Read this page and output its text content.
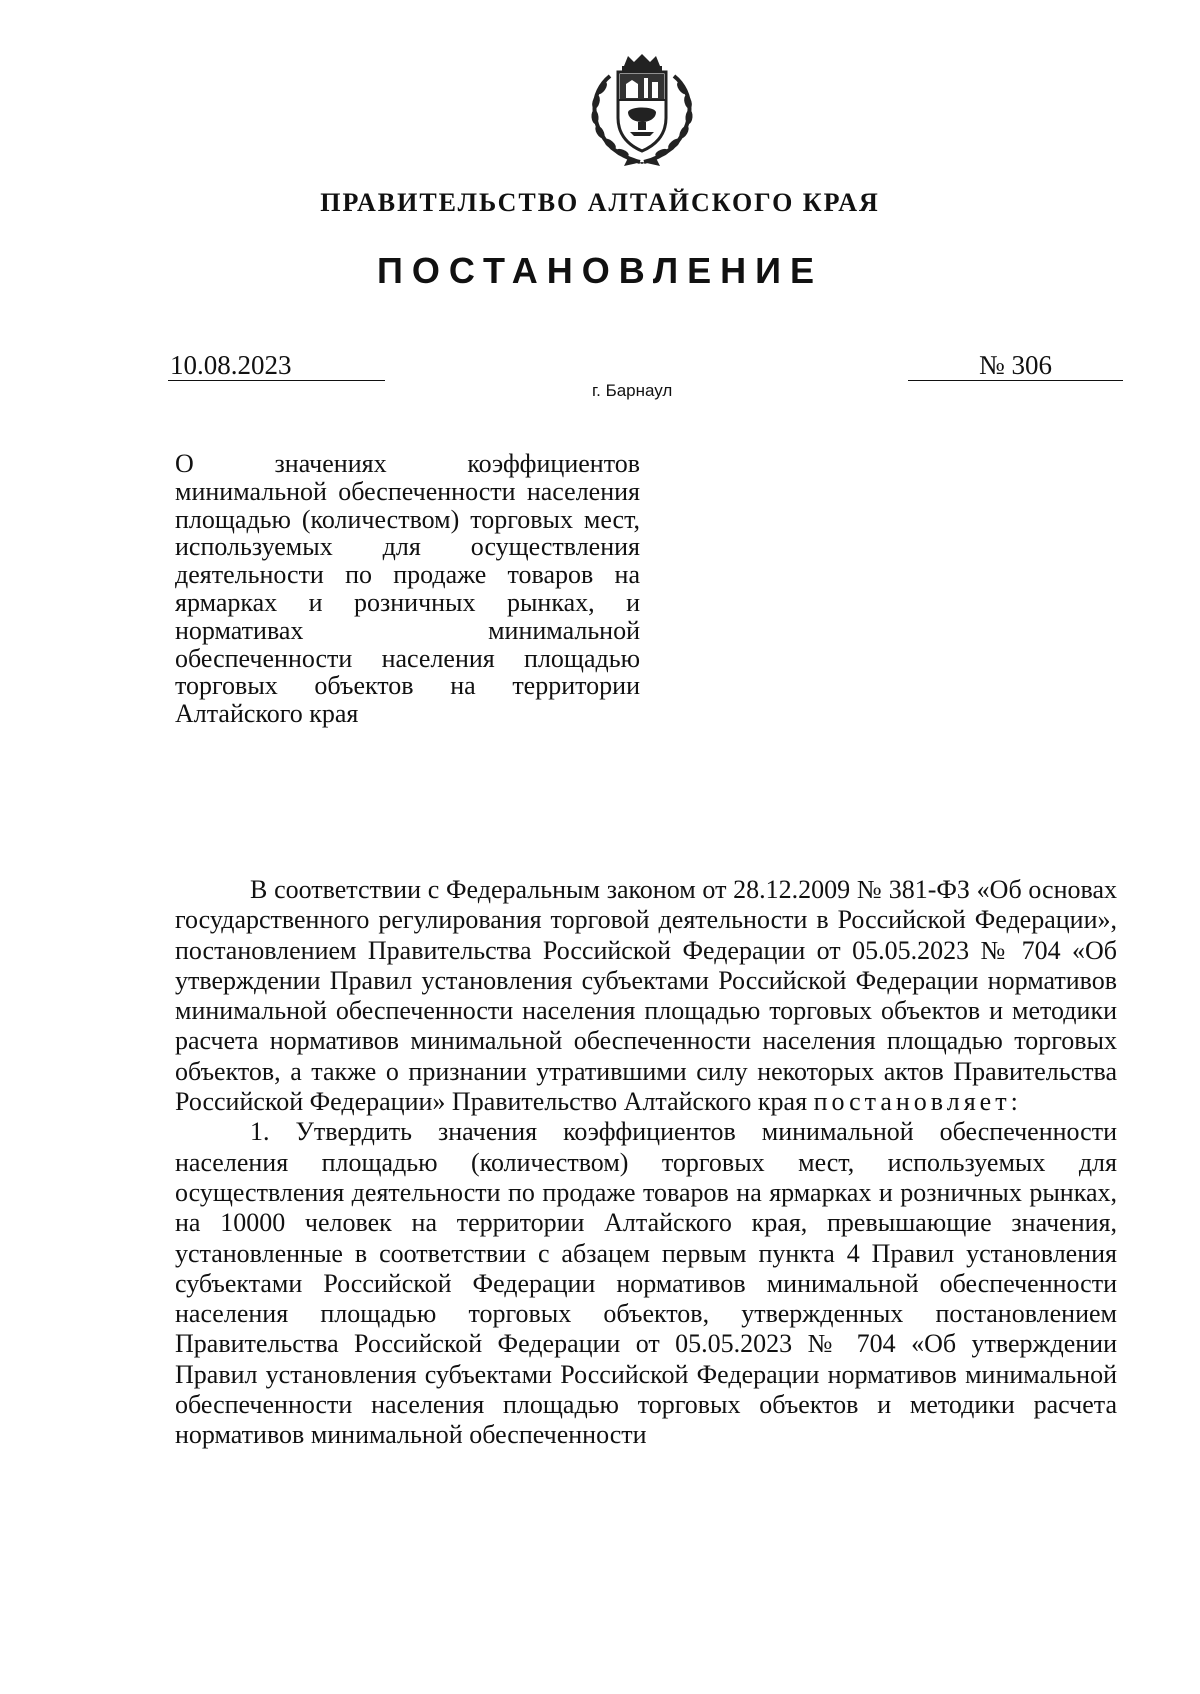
ПРАВИТЕЛЬСТВО АЛТАЙСКОГО КРАЯ
ПОСТАНОВЛЕНИЕ
10.08.2023	№ 306
г. Барнаул
О значениях коэффициентов минимальной обеспеченности населения площадью (количеством) торговых мест, используемых для осуществления деятельности по продаже товаров на ярмарках и розничных рынках, и нормативах минимальной обеспеченности населения площадью торговых объектов на территории Алтайского края

В соответствии с Федеральным законом от 28.12.2009 № 381-ФЗ «Об основах государственного регулирования торговой деятельности в Российской Федерации», постановлением Правительства Российской Федерации от 05.05.2023 № 704 «Об утверждении Правил установления субъектами Российской Федерации нормативов минимальной обеспеченности населения площадью торговых объектов и методики расчета нормативов минимальной обеспеченности населения площадью торговых объектов, а также о признании утратившими силу некоторых актов Правительства Российской Федерации» Правительство Алтайского края постановляет:

1. Утвердить значения коэффициентов минимальной обеспеченности населения площадью (количеством) торговых мест, используемых для осуществления деятельности по продаже товаров на ярмарках и розничных рынках, на 10000 человек на территории Алтайского края, превышающие значения, установленные в соответствии с абзацем первым пункта 4 Правил установления субъектами Российской Федерации нормативов минимальной обеспеченности населения площадью торговых объектов, утвержденных постановлением Правительства Российской Федерации от 05.05.2023 № 704 «Об утверждении Правил установления субъектами Российской Федерации нормативов минимальной обеспеченности населения площадью торговых объектов и методики расчета нормативов минимальной обеспеченности
